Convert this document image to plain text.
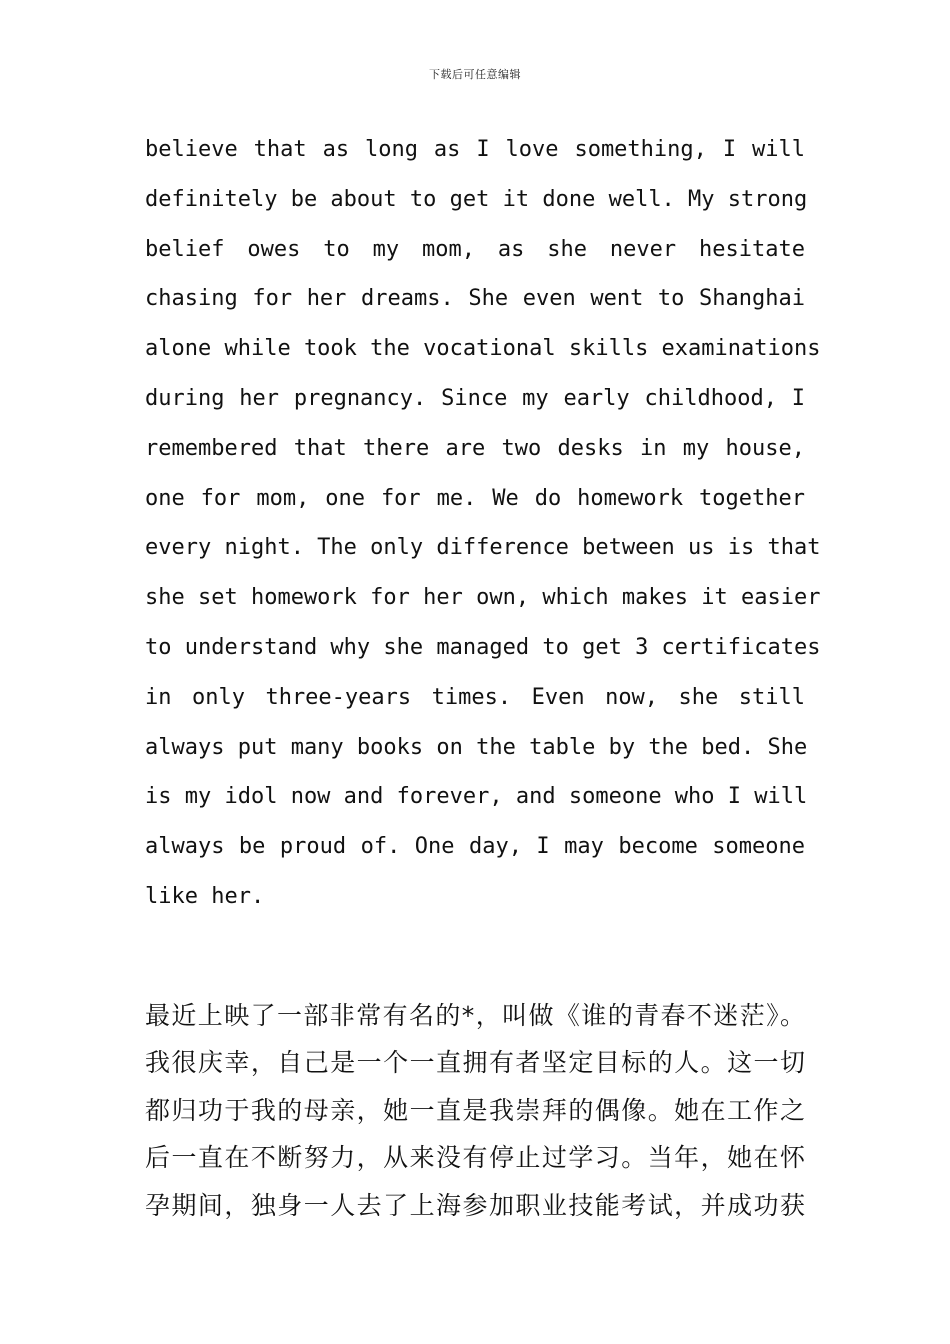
下载后可任意编辑
believe that as long as I love something, I will
definitely be about to get it done well. My strong
belief owes to my mom, as she never hesitate
chasing for her dreams. She even went to Shanghai
alone while took the vocational skills examinations
during her pregnancy. Since my early childhood, I
remembered that there are two desks in my house,
one for mom, one for me. We do homework together
every night. The only difference between us is that
she set homework for her own, which makes it easier
to understand why she managed to get 3 certificates
in only three-years times. Even now, she still
always put many books on the table by the bed. She
is my idol now and forever, and someone who I will
always be proud of. One day, I may become someone
like her.
最近上映了一部非常有名的*，叫做《谁的青春不迷茫》。
我很庆幸，自己是一个一直拥有者坚定目标的人。这一切
都归功于我的母亲，她一直是我崇拜的偶像。她在工作之
后一直在不断努力，从来没有停止过学习。当年，她在怀
孕期间，独身一人去了上海参加职业技能考试，并成功获
